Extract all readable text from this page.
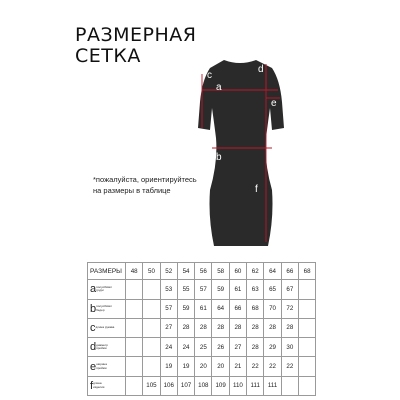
РАЗМЕРНАЯ
СЕТКА
c
a
d
e
b
f
*пожалуйста, ориентируйтесь на размеры в таблице
РАЗМЕРЫ	48	50	52	54	56	58	60	62	64	66	68
aполуобхват груди			53	55	57	59	61	63	65	67	
bполуобхват бедер			57	59	61	64	66	68	70	72	
cдлина рукава			27	28	28	28	28	28	28	28	
dдиаметр пройми			24	24	25	26	27	28	29	30	
eширина пройми			19	19	20	20	21	22	22	22	
fдлина изделия		105	106	107	108	109	110	111	111		
